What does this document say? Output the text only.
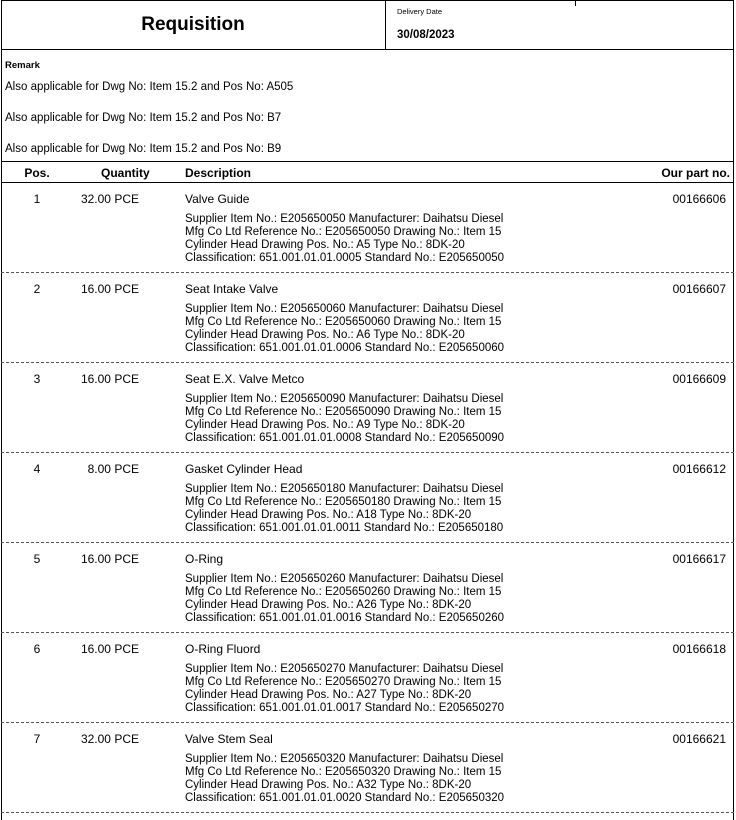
Requisition
Delivery Date
30/08/2023
Remark
Also applicable for Dwg No: Item 15.2 and Pos No: A505
Also applicable for Dwg No: Item 15.2 and Pos No: B7
Also applicable for Dwg No: Item 15.2 and Pos No: B9
Pos.	Quantity	Description	Our part no.
1	32.00 PCE	Valve Guide	00166606
Supplier Item No.: E205650050 Manufacturer: Daihatsu Diesel
Mfg Co Ltd Reference No.: E205650050 Drawing No.: Item 15
Cylinder Head Drawing Pos. No.: A5 Type No.: 8DK-20
Classification: 651.001.01.01.0005 Standard No.: E205650050
2	16.00 PCE	Seat Intake Valve	00166607
Supplier Item No.: E205650060 Manufacturer: Daihatsu Diesel
Mfg Co Ltd Reference No.: E205650060 Drawing No.: Item 15
Cylinder Head Drawing Pos. No.: A6 Type No.: 8DK-20
Classification: 651.001.01.01.0006 Standard No.: E205650060
3	16.00 PCE	Seat E.X. Valve Metco	00166609
Supplier Item No.: E205650090 Manufacturer: Daihatsu Diesel
Mfg Co Ltd Reference No.: E205650090 Drawing No.: Item 15
Cylinder Head Drawing Pos. No.: A9 Type No.: 8DK-20
Classification: 651.001.01.01.0008 Standard No.: E205650090
4	8.00 PCE	Gasket Cylinder Head	00166612
Supplier Item No.: E205650180 Manufacturer: Daihatsu Diesel
Mfg Co Ltd Reference No.: E205650180 Drawing No.: Item 15
Cylinder Head Drawing Pos. No.: A18 Type No.: 8DK-20
Classification: 651.001.01.01.0011 Standard No.: E205650180
5	16.00 PCE	O-Ring	00166617
Supplier Item No.: E205650260 Manufacturer: Daihatsu Diesel
Mfg Co Ltd Reference No.: E205650260 Drawing No.: Item 15
Cylinder Head Drawing Pos. No.: A26 Type No.: 8DK-20
Classification: 651.001.01.01.0016 Standard No.: E205650260
6	16.00 PCE	O-Ring Fluord	00166618
Supplier Item No.: E205650270 Manufacturer: Daihatsu Diesel
Mfg Co Ltd Reference No.: E205650270 Drawing No.: Item 15
Cylinder Head Drawing Pos. No.: A27 Type No.: 8DK-20
Classification: 651.001.01.01.0017 Standard No.: E205650270
7	32.00 PCE	Valve Stem Seal	00166621
Supplier Item No.: E205650320 Manufacturer: Daihatsu Diesel
Mfg Co Ltd Reference No.: E205650320 Drawing No.: Item 15
Cylinder Head Drawing Pos. No.: A32 Type No.: 8DK-20
Classification: 651.001.01.01.0020 Standard No.: E205650320
